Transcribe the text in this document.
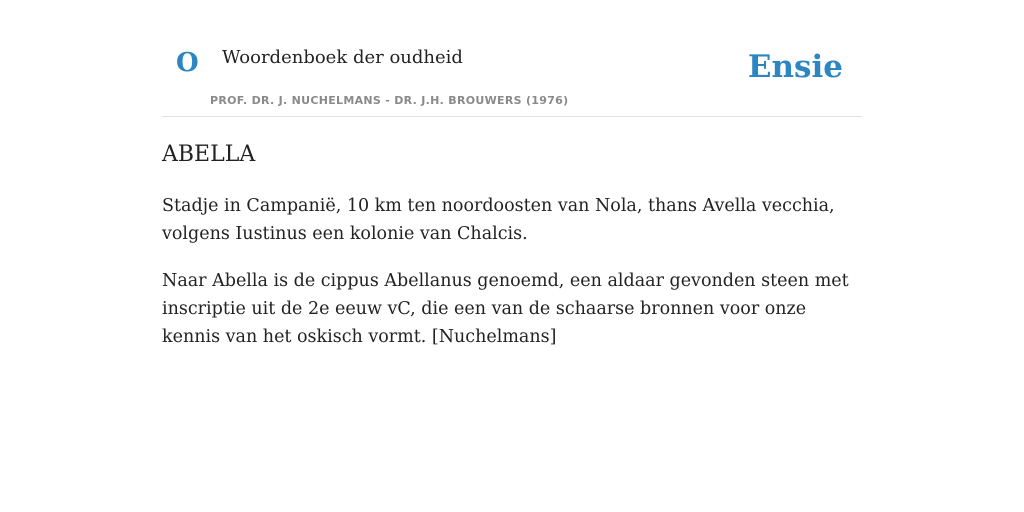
O Woordenboek der oudheid
PROF. DR. J. NUCHELMANS - DR. J.H. BROUWERS (1976)
Ensie
ABELLA

Stadje in Campanië, 10 km ten noordoosten van Nola, thans Avella vecchia, volgens Iustinus een kolonie van Chalcis.

Naar Abella is de cippus Abellanus genoemd, een aldaar gevonden steen met inscriptie uit de 2e eeuw vC, die een van de schaarse bronnen voor onze kennis van het oskisch vormt. [Nuchelmans]
